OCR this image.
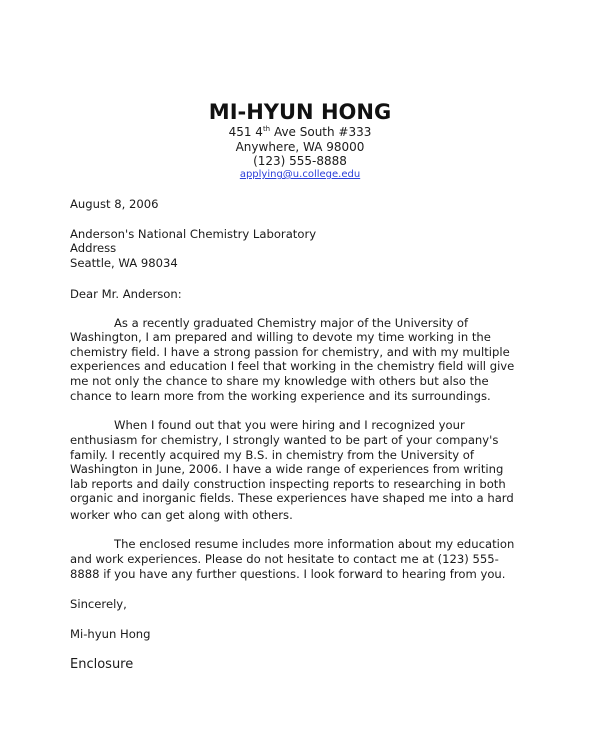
MI-HYUN HONG
451 4th Ave South #333
Anywhere, WA 98000
(123) 555-8888
applying@u.college.edu
August 8, 2006
Anderson's National Chemistry Laboratory
Address
Seattle, WA 98034
Dear Mr. Anderson:
As a recently graduated Chemistry major of the University of
Washington, I am prepared and willing to devote my time working in the
chemistry field. I have a strong passion for chemistry, and with my multiple
experiences and education I feel that working in the chemistry field will give
me not only the chance to share my knowledge with others but also the
chance to learn more from the working experience and its surroundings.
When I found out that you were hiring and I recognized your
enthusiasm for chemistry, I strongly wanted to be part of your company's
family. I recently acquired my B.S. in chemistry from the University of
Washington in June, 2006. I have a wide range of experiences from writing
lab reports and daily construction inspecting reports to researching in both
organic and inorganic fields. These experiences have shaped me into a hard
worker who can get along with others.
The enclosed resume includes more information about my education
and work experiences. Please do not hesitate to contact me at (123) 555-
8888 if you have any further questions. I look forward to hearing from you.
Sincerely,
Mi-hyun Hong
Enclosure
